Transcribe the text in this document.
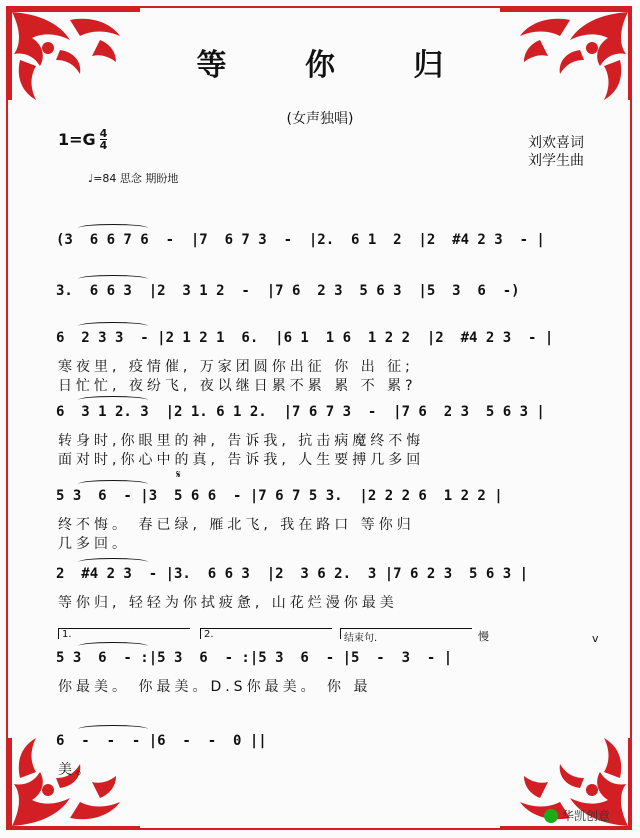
等 你 归
(女声独唱)
$1=G \frac{4}{4}$	刘欢喜词
刘学生曲
♩=84 思念 期盼地
(3  6 6 7 6  -  |7  6 7 3  -  |2.  6 1  2  |2  #4 2 3  - |
3.  6 6 3  |2  3 1 2  -  |7 6  2 3  5 6 3  |5  3  6  -)
6  2 3 3  - |2 1 2 1  6.  |6 1  1 6  1 2 2  |2  #4 2 3  - |
寒夜里, 疫情催, 万家团圆你出征 你 出 征;
日忙忙, 夜纷飞, 夜以继日累不累 累 不 累?
6  3 1 2. 3  |2 1. 6 1 2.  |7 6 7 3  -  |7 6  2 3  5 6 3 |
转身时,你眼里的神, 告诉我, 抗击病魔终不悔
面对时,你心中的真, 告诉我, 人生要搏几多回
5 3  6  - |3  5 6 6  - |7 6 7 5 3.  |2 2 2 6  1 2 2 |
终不悔。 春已绿, 雁北飞, 我在路口 等你归
几多回。
2  #4 2 3  - |3.  6 6 3  |2  3 6 2.  3 |7 6 2 3  5 6 3 |
等你归, 轻轻为你拭疲惫, 山花烂漫你最美
5 3  6  - :|5 3  6  - :|5 3  6  - |5  -  3  - |
你最美。 你最美。D.S你最美。 你 最
6  -  -  - |6  -  -  0 ||
美。
华凯创意
1.	2.	结束句.	慢
𝄋
v
